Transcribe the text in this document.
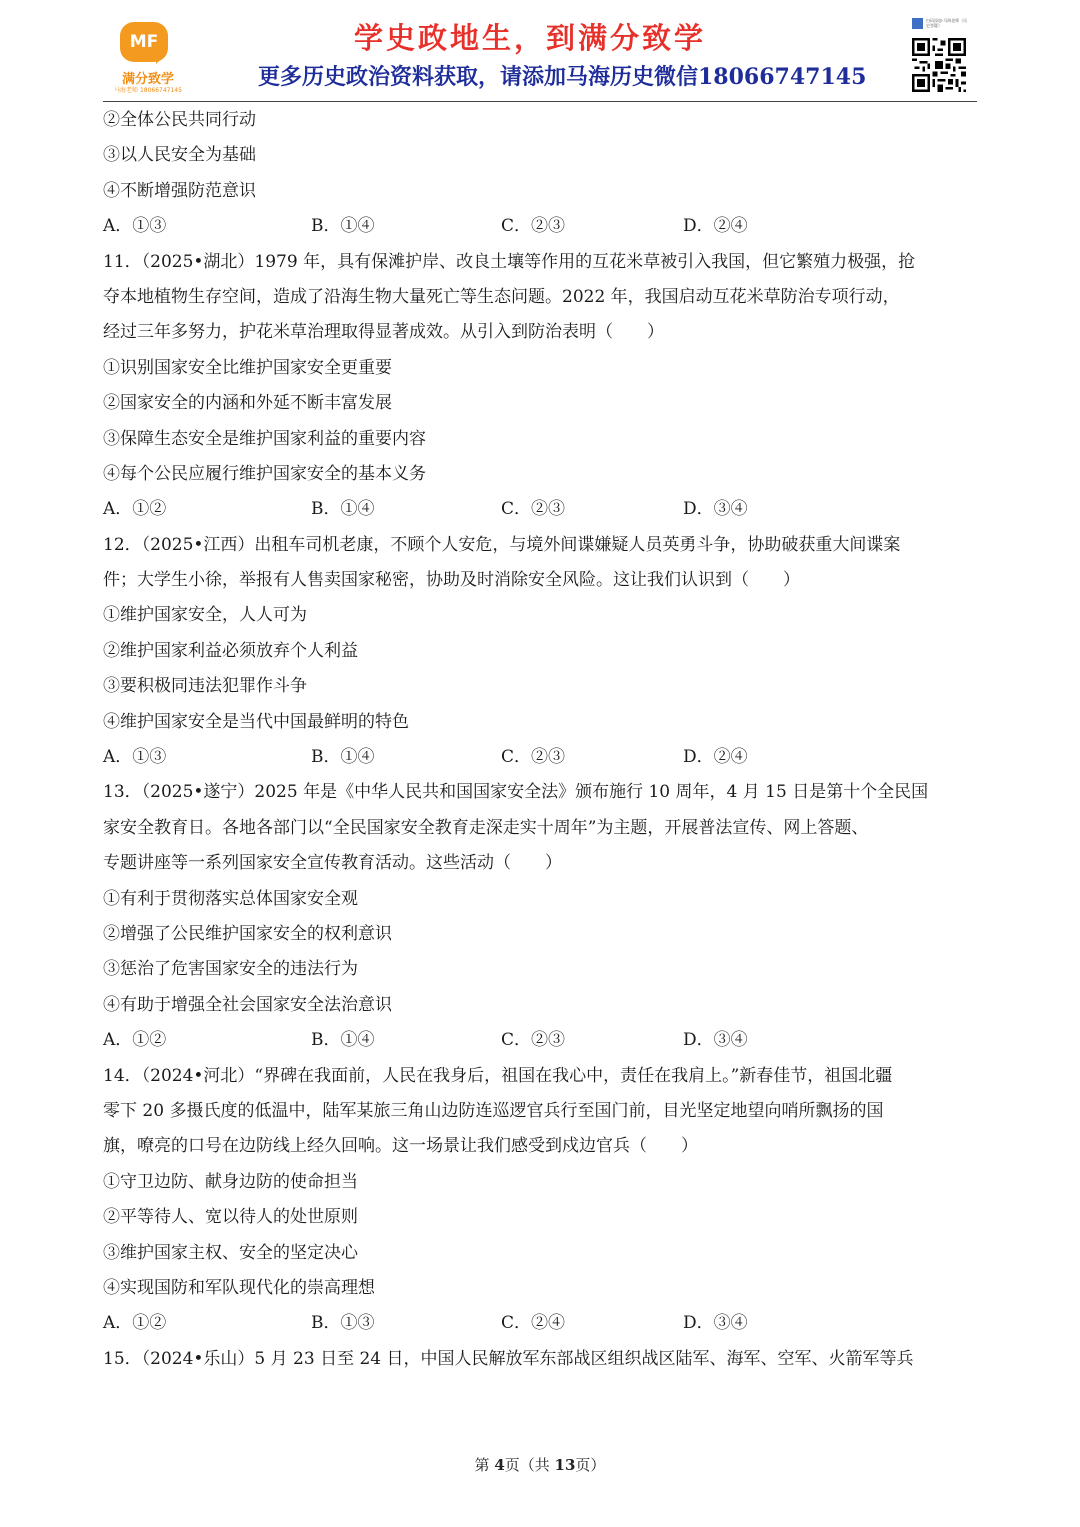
MF
满分致学
马海老师 18066747145
学史政地生，到满分致学
更多历史政治资料获取，请添加马海历史微信18066747145
扫码添加·马海老师（历史答疑）
②全体公民共同行动
③以人民安全为基础
④不断增强防范意识
A．①③	B．①④	C．②③	D．②④
11．（2025•湖北）1979 年，具有保滩护岸、改良土壤等作用的互花米草被引入我国，但它繁殖力极强，抢
夺本地植物生存空间，造成了沿海生物大量死亡等生态问题。2022 年，我国启动互花米草防治专项行动，
经过三年多努力，护花米草治理取得显著成效。从引入到防治表明（　　）
①识别国家安全比维护国家安全更重要
②国家安全的内涵和外延不断丰富发展
③保障生态安全是维护国家利益的重要内容
④每个公民应履行维护国家安全的基本义务
A．①②	B．①④	C．②③	D．③④
12．（2025•江西）出租车司机老康，不顾个人安危，与境外间谍嫌疑人员英勇斗争，协助破获重大间谍案
件；大学生小徐，举报有人售卖国家秘密，协助及时消除安全风险。这让我们认识到（　　）
①维护国家安全，人人可为
②维护国家利益必须放弃个人利益
③要积极同违法犯罪作斗争
④维护国家安全是当代中国最鲜明的特色
A．①③	B．①④	C．②③	D．②④
13．（2025•遂宁）2025 年是《中华人民共和国国家安全法》颁布施行 10 周年，4 月 15 日是第十个全民国
家安全教育日。各地各部门以“全民国家安全教育走深走实十周年”为主题，开展普法宣传、网上答题、
专题讲座等一系列国家安全宣传教育活动。这些活动（　　）
①有利于贯彻落实总体国家安全观
②增强了公民维护国家安全的权利意识
③惩治了危害国家安全的违法行为
④有助于增强全社会国家安全法治意识
A．①②	B．①④	C．②③	D．③④
14．（2024•河北）“界碑在我面前，人民在我身后，祖国在我心中，责任在我肩上。”新春佳节，祖国北疆
零下 20 多摄氏度的低温中，陆军某旅三角山边防连巡逻官兵行至国门前，目光坚定地望向哨所飘扬的国
旗，嘹亮的口号在边防线上经久回响。这一场景让我们感受到戍边官兵（　　）
①守卫边防、献身边防的使命担当
②平等待人、宽以待人的处世原则
③维护国家主权、安全的坚定决心
④实现国防和军队现代化的崇高理想
A．①②	B．①③	C．②④	D．③④
15．（2024•乐山）5 月 23 日至 24 日，中国人民解放军东部战区组织战区陆军、海军、空军、火箭军等兵
第 4页（共 13页）
